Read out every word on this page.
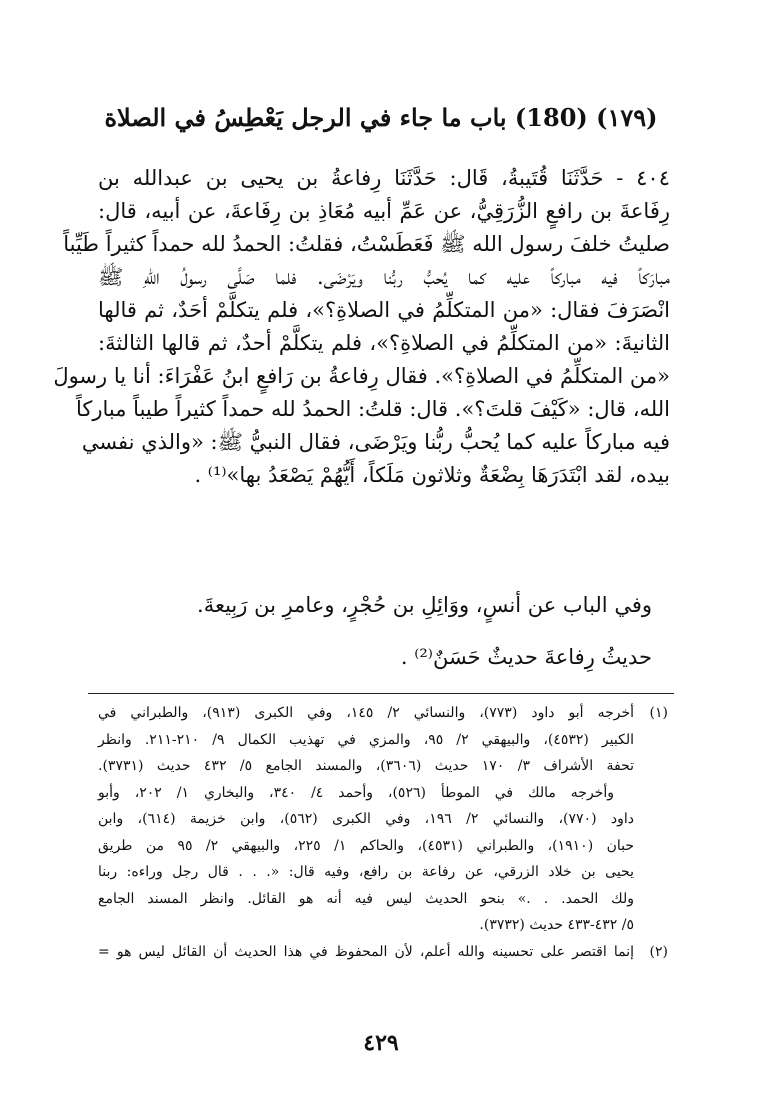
(١٧٩) (180) باب ما جاء في الرجل يَعْطِسُ في الصلاة

٤٠٤ - حَدَّثَنَا قُتَيبةُ، قَال: حَدَّثَنَا رِفاعةُ بن يحيى بن عبدالله بن
رِفَاعةَ بن رافعٍ الزُّرَقِيُّ، عن عَمِّ أبيه مُعَاذِ بن رِفَاعةَ، عن أبيه، قال:
صليتُ خلفَ رسول الله ﷺ فَعَطَسْتُ، فقلتُ: الحمدُ لله حمداً كثيراً طَيِّباً
مبارَكاً فيه مباركاً عليه كما يُحبُّ ربُّنا ويَرْضَى. فلما صَلَّى رسولُ اللهِ ﷺ
انْصَرَفَ فقال: «من المتكلِّمُ في الصلاةِ؟»، فلم يتكلَّمْ أحَدٌ، ثم قالها
الثانيةَ: «من المتكلِّمُ في الصلاةِ؟»، فلم يتكلَّمْ أحدٌ، ثم قالها الثالثةَ:
«من المتكلِّمُ في الصلاةِ؟». فقال رِفاعةُ بن رَافعٍ ابنُ عَفْرَاءَ: أنا يا رسولَ
الله، قال: «كَيْفَ قلتَ؟». قال: قلتُ: الحمدُ لله حمداً كثيراً طيباً مباركاً
فيه مباركاً عليه كما يُحبُّ ربُّنا ويَرْضَى، فقال النبيُّ ﷺ: «والذي نفسي
بيده، لقد ابْتَدَرَهَا بِضْعَةٌ وثلاثون مَلَكاً، أَيُّهُمْ يَصْعَدُ بها»⁽¹⁾ .

وفي الباب عن أنسٍ، ووَائِلِ بن حُجْرٍ، وعامرِ بن رَبِيعةَ.
حديثُ رِفاعةَ حديثٌ حَسَنٌ⁽²⁾ .
(١)
أخرجه أبو داود (٧٧٣)، والنسائي ٢/ ١٤٥، وفي الكبرى (٩١٣)، والطبراني في
الكبير (٤٥٣٢)، والبيهقي ٢/ ٩٥، والمزي في تهذيب الكمال ٩/ ٢١٠-٢١١. وانظر
تحفة الأشراف ٣/ ١٧٠ حديث (٣٦٠٦)، والمسند الجامع ٥/ ٤٣٢ حديث (٣٧٣١).
وأخرجه مالك في الموطأ (٥٢٦)، وأحمد ٤/ ٣٤٠، والبخاري ١/ ٢٠٢، وأبو
داود (٧٧٠)، والنسائي ٢/ ١٩٦، وفي الكبرى (٥٦٢)، وابن خزيمة (٦١٤)، وابن
حبان (١٩١٠)، والطبراني (٤٥٣١)، والحاكم ١/ ٢٢٥، والبيهقي ٢/ ٩٥ من طريق
يحيى بن خلاد الزرقي، عن رفاعة بن رافع، وفيه قال: «. . . قال رجل وراءه: ربنا
ولك الحمد. . .» بنحو الحديث ليس فيه أنه هو القائل. وانظر المسند الجامع
٥/ ٤٣٢-٤٣٣ حديث (٣٧٣٢).
(٢)
إنما اقتصر على تحسينه والله أعلم، لأن المحفوظ في هذا الحديث أن القائل ليس هو =
٤٢٩
